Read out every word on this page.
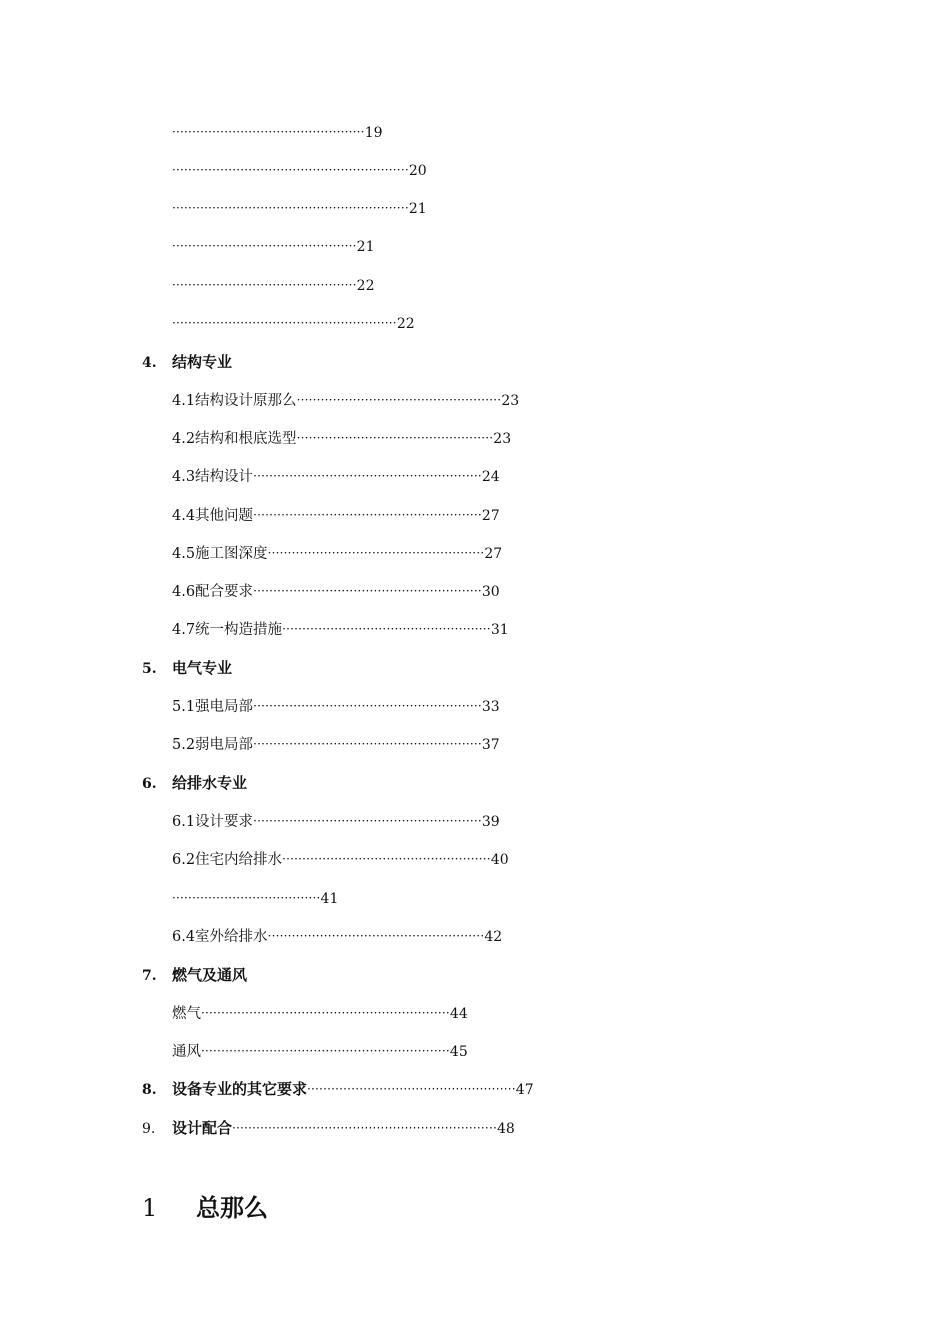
················································19
···························································20
···························································21
··············································21
··············································22
························································22
4. 结构专业
4.1结构设计原那么···················································23
4.2结构和根底选型·················································23
4.3结构设计·························································24
4.4其他问题·························································27
4.5施工图深度······················································27
4.6配合要求·························································30
4.7统一构造措施····················································31
5. 电气专业
5.1强电局部·························································33
5.2弱电局部·························································37
6. 给排水专业
6.1设计要求·························································39
6.2住宅内给排水····················································40
·····································41
6.4室外给排水······················································42
7. 燃气及通风
燃气······························································44
通风······························································45
8. 设备专业的其它要求····················································47
9. 设计配合··································································48
1 总那么
